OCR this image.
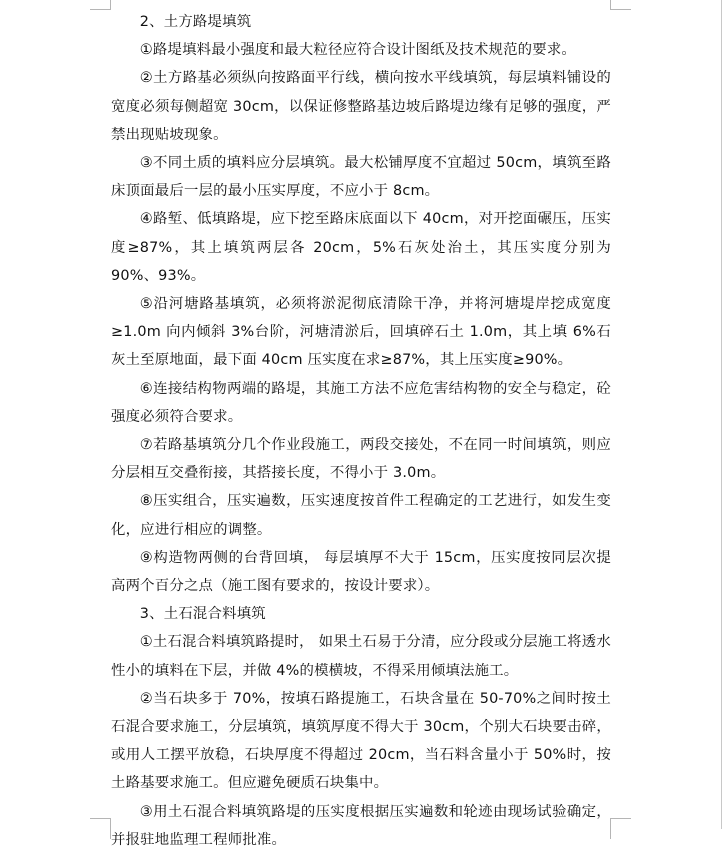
2、土方路堤填筑

①路堤填料最小强度和最大粒径应符合设计图纸及技术规范的要求。

②土方路基必须纵向按路面平行线，横向按水平线填筑，每层填料铺设的宽度必须每侧超宽 30cm，以保证修整路基边坡后路堤边缘有足够的强度，严禁出现贴坡现象。

③不同土质的填料应分层填筑。最大松铺厚度不宜超过 50cm，填筑至路床顶面最后一层的最小压实厚度，不应小于 8cm。

④路堑、低填路堤，应下挖至路床底面以下 40cm，对开挖面碾压，压实度≥87%，其上填筑两层各 20cm，5%石灰处治土，其压实度分别为 90%、93%。

⑤沿河塘路基填筑，必须将淤泥彻底清除干净，并将河塘堤岸挖成宽度≥1.0m 向内倾斜 3%台阶，河塘清淤后，回填碎石土 1.0m，其上填 6%石灰土至原地面，最下面 40cm 压实度在求≥87%，其上压实度≥90%。

⑥连接结构物两端的路堤，其施工方法不应危害结构物的安全与稳定，砼强度必须符合要求。

⑦若路基填筑分几个作业段施工，两段交接处，不在同一时间填筑，则应分层相互交叠衔接，其搭接长度，不得小于 3.0m。

⑧压实组合，压实遍数，压实速度按首件工程确定的工艺进行，如发生变化，应进行相应的调整。

⑨构造物两侧的台背回填， 每层填厚不大于 15cm，压实度按同层次提高两个百分之点（施工图有要求的，按设计要求）。

3、土石混合料填筑

①土石混合料填筑路提时， 如果土石易于分清，应分段或分层施工将透水性小的填料在下层，并做 4%的模横坡，不得采用倾填法施工。

②当石块多于 70%，按填石路提施工，石块含量在 50-70%之间时按土石混合要求施工，分层填筑，填筑厚度不得大于 30cm，个别大石块要击碎，或用人工摆平放稳，石块厚度不得超过 20cm，当石料含量小于 50%时，按土路基要求施工。但应避免硬质石块集中。

③用土石混合料填筑路堤的压实度根据压实遍数和轮迹由现场试验确定，并报驻地监理工程师批准。
